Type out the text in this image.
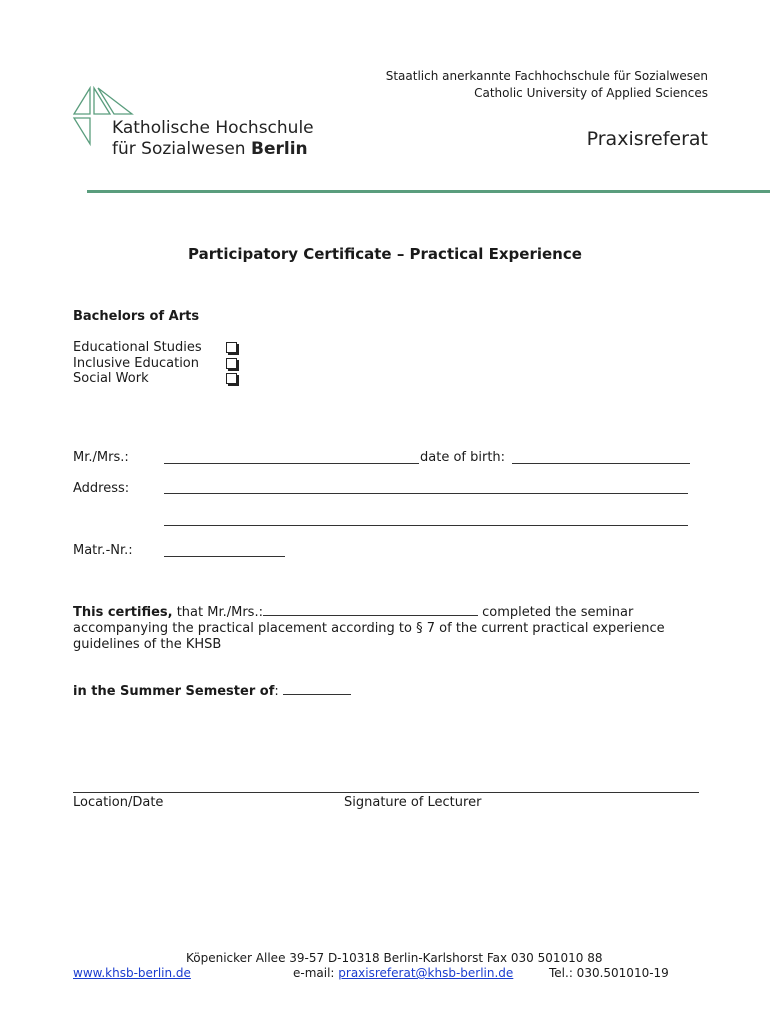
Staatlich anerkannte Fachhochschule für Sozialwesen
Catholic University of Applied Sciences
Katholische Hochschule
für Sozialwesen Berlin	Praxisreferat
Participatory Certificate – Practical Experience
Bachelors of Arts
Educational Studies
Inclusive Education
Social Work
Mr./Mrs.:	date of birth:
Address:
Matr.-Nr.:
This certifies, that Mr./Mrs.:	completed the seminar accompanying the practical placement according to § 7 of the current practical experience guidelines of the KHSB
in the Summer Semester of:
Location/Date	Signature of Lecturer
Köpenicker Allee 39-57 D-10318 Berlin-Karlshorst Fax 030 501010 88
www.khsb-berlin.de	e-mail: praxisreferat@khsb-berlin.de	Tel.: 030.501010-19
